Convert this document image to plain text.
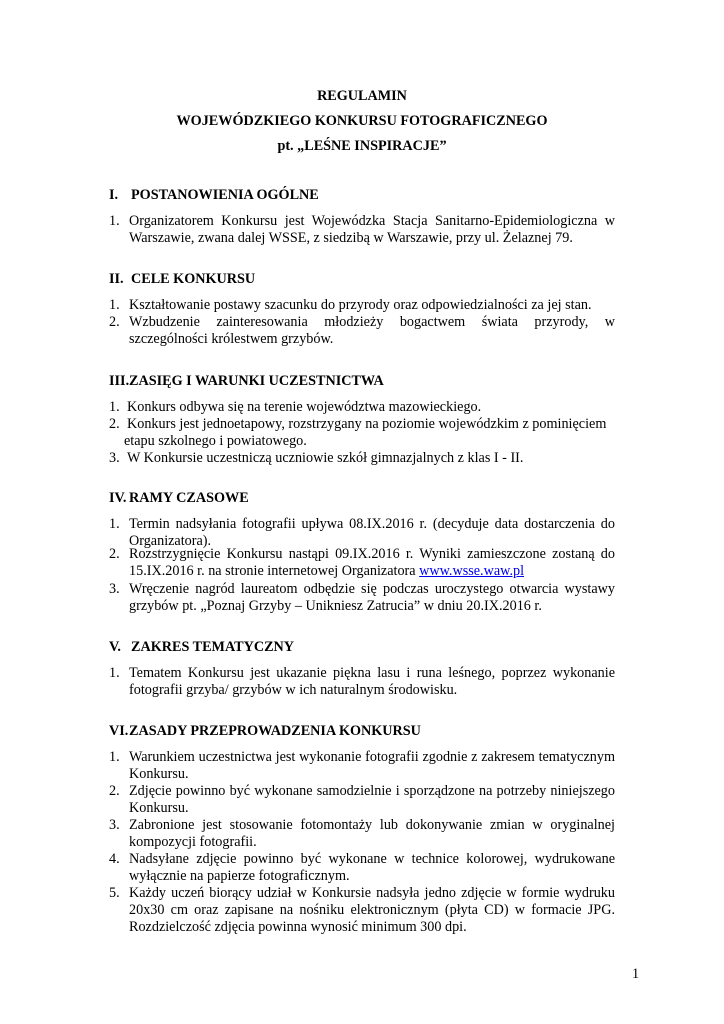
REGULAMIN

WOJEWÓDZKIEGO KONKURSU FOTOGRAFICZNEGO

pt. „LEŚNE INSPIRACJE”

I. POSTANOWIENIA OGÓLNE

1. Organizatorem Konkursu jest Wojewódzka Stacja Sanitarno-Epidemiologiczna w Warszawie, zwana dalej WSSE, z siedzibą w Warszawie, przy ul. Żelaznej 79.

II. CELE KONKURSU

1. Kształtowanie postawy szacunku do przyrody oraz odpowiedzialności za jej stan.
2. Wzbudzenie zainteresowania młodzieży bogactwem świata przyrody, w szczególności królestwem grzybów.

III.ZASIĘG I WARUNKI UCZESTNICTWA

1. Konkurs odbywa się na terenie województwa mazowieckiego.
2. Konkurs jest jednoetapowy, rozstrzygany na poziomie wojewódzkim z pominięciem
etapu szkolnego i powiatowego.
3. W Konkursie uczestniczą uczniowie szkół gimnazjalnych z klas I - II.

IV. RAMY CZASOWE

1. Termin nadsyłania fotografii upływa 08.IX.2016 r. (decyduje data dostarczenia do Organizatora).
2. Rozstrzygnięcie Konkursu nastąpi 09.IX.2016 r. Wyniki zamieszczone zostaną do 15.IX.2016 r. na stronie internetowej Organizatora www.wsse.waw.pl
3. Wręczenie nagród laureatom odbędzie się podczas uroczystego otwarcia wystawy grzybów pt. „Poznaj Grzyby – Unikniesz Zatrucia” w dniu 20.IX.2016 r.

V. ZAKRES TEMATYCZNY

1. Tematem Konkursu jest ukazanie piękna lasu i runa leśnego, poprzez wykonanie fotografii grzyba/ grzybów w ich naturalnym środowisku.

VI.ZASADY PRZEPROWADZENIA KONKURSU

1. Warunkiem uczestnictwa jest wykonanie fotografii zgodnie z zakresem tematycznym Konkursu.
2. Zdjęcie powinno być wykonane samodzielnie i sporządzone na potrzeby niniejszego Konkursu.
3. Zabronione jest stosowanie fotomontaży lub dokonywanie zmian w oryginalnej kompozycji fotografii.
4. Nadsyłane zdjęcie powinno być wykonane w technice kolorowej, wydrukowane wyłącznie na papierze fotograficznym.
5. Każdy uczeń biorący udział w Konkursie nadsyła jedno zdjęcie w formie wydruku 20x30 cm oraz zapisane na nośniku elektronicznym (płyta CD) w formacie JPG. Rozdzielczość zdjęcia powinna wynosić minimum 300 dpi.

1
